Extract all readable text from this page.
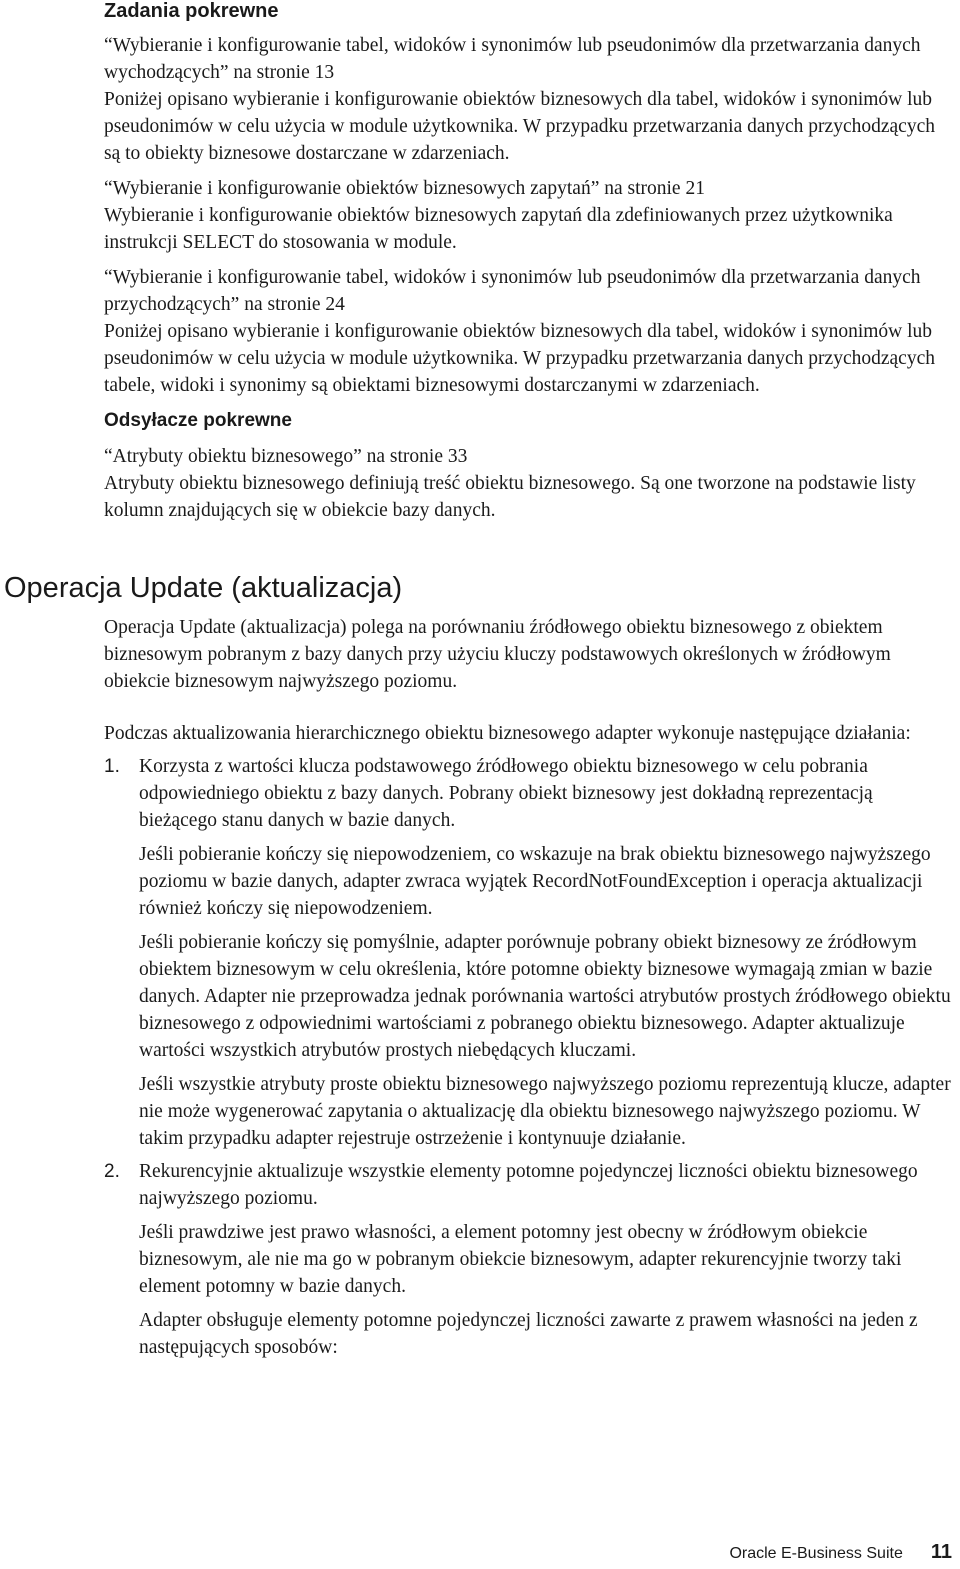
Zadania pokrewne

“Wybieranie i konfigurowanie tabel, widoków i synonimów lub pseudonimów dla przetwarzania danych wychodzących” na stronie 13

Poniżej opisano wybieranie i konfigurowanie obiektów biznesowych dla tabel, widoków i synonimów lub pseudonimów w celu użycia w module użytkownika. W przypadku przetwarzania danych przychodzących są to obiekty biznesowe dostarczane w zdarzeniach.

“Wybieranie i konfigurowanie obiektów biznesowych zapytań” na stronie 21

Wybieranie i konfigurowanie obiektów biznesowych zapytań dla zdefiniowanych przez użytkownika instrukcji SELECT do stosowania w module.

“Wybieranie i konfigurowanie tabel, widoków i synonimów lub pseudonimów dla przetwarzania danych przychodzących” na stronie 24

Poniżej opisano wybieranie i konfigurowanie obiektów biznesowych dla tabel, widoków i synonimów lub pseudonimów w celu użycia w module użytkownika. W przypadku przetwarzania danych przychodzących tabele, widoki i synonimy są obiektami biznesowymi dostarczanymi w zdarzeniach.

Odsyłacze pokrewne

“Atrybuty obiektu biznesowego” na stronie 33

Atrybuty obiektu biznesowego definiują treść obiektu biznesowego. Są one tworzone na podstawie listy kolumn znajdujących się w obiekcie bazy danych.

Operacja Update (aktualizacja)

Operacja Update (aktualizacja) polega na porównaniu źródłowego obiektu biznesowego z obiektem biznesowym pobranym z bazy danych przy użyciu kluczy podstawowych określonych w źródłowym obiekcie biznesowym najwyższego poziomu.

Podczas aktualizowania hierarchicznego obiektu biznesowego adapter wykonuje następujące działania:

1. Korzysta z wartości klucza podstawowego źródłowego obiektu biznesowego w celu pobrania odpowiedniego obiektu z bazy danych. Pobrany obiekt biznesowy jest dokładną reprezentacją bieżącego stanu danych w bazie danych.

Jeśli pobieranie kończy się niepowodzeniem, co wskazuje na brak obiektu biznesowego najwyższego poziomu w bazie danych, adapter zwraca wyjątek RecordNotFoundException i operacja aktualizacji również kończy się niepowodzeniem.

Jeśli pobieranie kończy się pomyślnie, adapter porównuje pobrany obiekt biznesowy ze źródłowym obiektem biznesowym w celu określenia, które potomne obiekty biznesowe wymagają zmian w bazie danych. Adapter nie przeprowadza jednak porównania wartości atrybutów prostych źródłowego obiektu biznesowego z odpowiednimi wartościami z pobranego obiektu biznesowego. Adapter aktualizuje wartości wszystkich atrybutów prostych niebędących kluczami.

Jeśli wszystkie atrybuty proste obiektu biznesowego najwyższego poziomu reprezentują klucze, adapter nie może wygenerować zapytania o aktualizację dla obiektu biznesowego najwyższego poziomu. W takim przypadku adapter rejestruje ostrzeżenie i kontynuuje działanie.

2. Rekurencyjnie aktualizuje wszystkie elementy potomne pojedynczej liczności obiektu biznesowego najwyższego poziomu.

Jeśli prawdziwe jest prawo własności, a element potomny jest obecny w źródłowym obiekcie biznesowym, ale nie ma go w pobranym obiekcie biznesowym, adapter rekurencyjnie tworzy taki element potomny w bazie danych.

Adapter obsługuje elementy potomne pojedynczej liczności zawarte z prawem własności na jeden z następujących sposobów:

Oracle E-Business Suite 11
